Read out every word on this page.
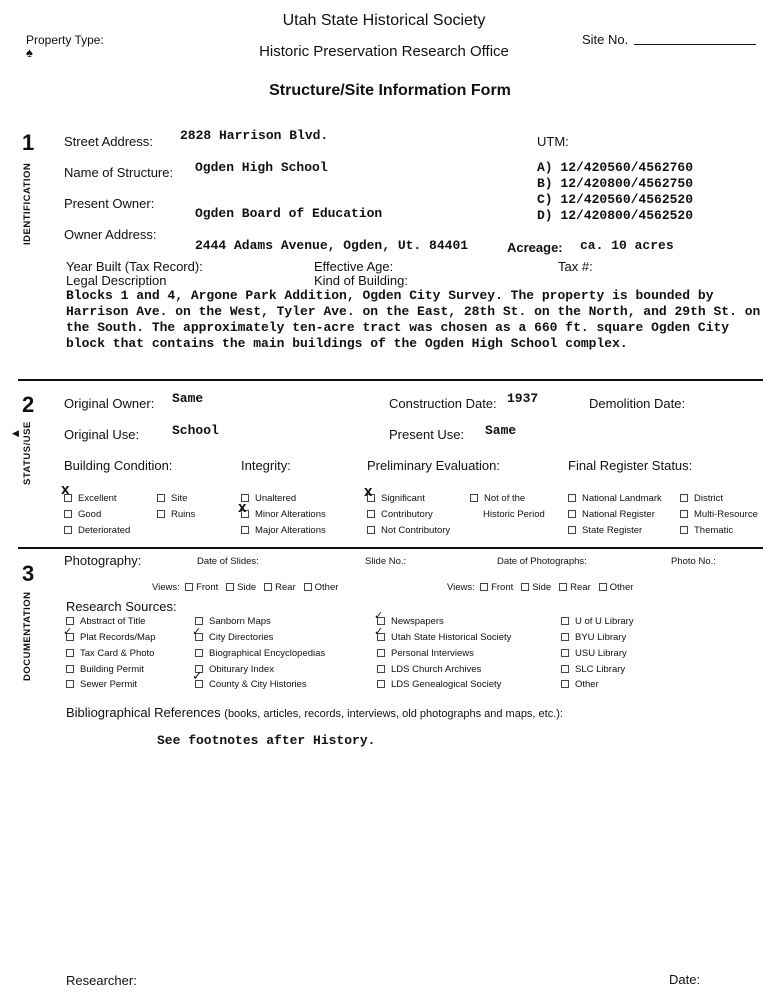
Utah State Historical Society
Historic Preservation Research Office
Structure/Site Information Form
Property Type:
♠
Site No.
1
IDENTIFICATION
Street Address: 2828 Harrison Blvd.
Name of Structure: Ogden High School
Present Owner:
Ogden Board of Education
Owner Address:
2444 Adams Avenue, Ogden, Ut. 84401
UTM:
A) 12/420560/4562760
B) 12/420800/4562750
C) 12/420560/4562520
D) 12/420800/4562520
Acreage: ca. 10 acres
Year Built (Tax Record):	Effective Age:	Tax #:
Legal Description	Kind of Building:
Blocks 1 and 4, Argone Park Addition, Ogden City Survey. The property is bounded by
Harrison Ave. on the West, Tyler Ave. on the East, 28th St. on the North, and 29th St. on
the South. The approximately ten-acre tract was chosen as a 660 ft. square Ogden City
block that contains the main buildings of the Ogden High School complex.
2
◀ STATUS/USE
Original Owner: Same	Construction Date: 1937	Demolition Date:
Original Use:	School	Present Use: Same
Building Condition:	Integrity:	Preliminary Evaluation:	Final Register Status:
X
Excellent
Good
Deteriorated
Site
Ruins
Unaltered
X Minor Alterations
Major Alterations
X Significant
Contributory
Not Contributory
Not of the
Historic Period
National Landmark
National Register
State Register
District
Multi-Resource
Thematic
3
DOCUMENTATION
Photography:	Date of Slides:	Slide No.:	Date of Photographs:	Photo No.:
Views: Front Side Rear Other	Views: Front Side Rear Other
Research Sources:
Abstract of Title
✓ Plat Records/Map
Tax Card & Photo
Building Permit
Sewer Permit
Sanborn Maps
✓ City Directories
Biographical Encyclopedias
Obiturary Index
✓
County & City Histories
✓ Newspapers
✓ Utah State Historical Society
Personal Interviews
LDS Church Archives
LDS Genealogical Society
U of U Library
BYU Library
USU Library
SLC Library
Other
Bibliographical References (books, articles, records, interviews, old photographs and maps, etc.):
See footnotes after History.
Researcher:	Date:
